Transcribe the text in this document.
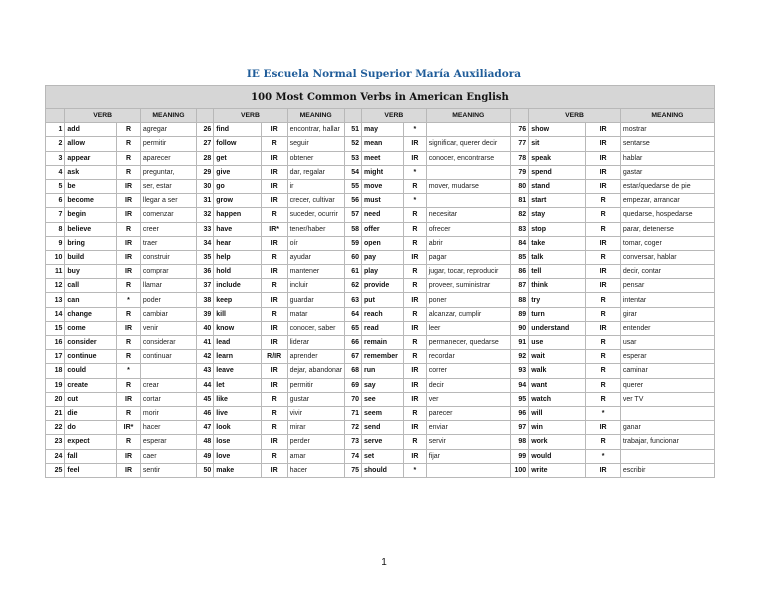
IE Escuela Normal Superior María Auxiliadora
100 Most Common Verbs in American English															
	VERB		MEANING		VERB		MEANING		VERB		MEANING		VERB		MEANING
1	add	R	agregar	26	find	IR	encontrar, hallar	51	may	*		76	show	IR	mostrar
2	allow	R	permitir	27	follow	R	seguir	52	mean	IR	significar, querer decir	77	sit	IR	sentarse
3	appear	R	aparecer	28	get	IR	obtener	53	meet	IR	conocer, encontrarse	78	speak	IR	hablar
4	ask	R	preguntar,	29	give	IR	dar, regalar	54	might	*		79	spend	IR	gastar
5	be	IR	ser, estar	30	go	IR	ir	55	move	R	mover, mudarse	80	stand	IR	estar/quedarse de pie
6	become	IR	llegar a ser	31	grow	IR	crecer, cultivar	56	must	*		81	start	R	empezar, arrancar
7	begin	IR	comenzar	32	happen	R	suceder, ocurrir	57	need	R	necesitar	82	stay	R	quedarse, hospedarse
8	believe	R	creer	33	have	IR*	tener/haber	58	offer	R	ofrecer	83	stop	R	parar, detenerse
9	bring	IR	traer	34	hear	IR	oír	59	open	R	abrir	84	take	IR	tomar, coger
10	build	IR	construir	35	help	R	ayudar	60	pay	IR	pagar	85	talk	R	conversar, hablar
11	buy	IR	comprar	36	hold	IR	mantener	61	play	R	jugar, tocar, reproducir	86	tell	IR	decir, contar
12	call	R	llamar	37	include	R	incluir	62	provide	R	proveer, suministrar	87	think	IR	pensar
13	can	*	poder	38	keep	IR	guardar	63	put	IR	poner	88	try	R	intentar
14	change	R	cambiar	39	kill	R	matar	64	reach	R	alcanzar, cumplir	89	turn	R	girar
15	come	IR	venir	40	know	IR	conocer, saber	65	read	IR	leer	90	understand	IR	entender
16	consider	R	considerar	41	lead	IR	liderar	66	remain	R	permanecer, quedarse	91	use	R	usar
17	continue	R	continuar	42	learn	R/IR	aprender	67	remember	R	recordar	92	wait	R	esperar
18	could	*		43	leave	IR	dejar, abandonar	68	run	IR	correr	93	walk	R	caminar
19	create	R	crear	44	let	IR	permitir	69	say	IR	decir	94	want	R	querer
20	cut	IR	cortar	45	like	R	gustar	70	see	IR	ver	95	watch	R	ver TV
21	die	R	morir	46	live	R	vivir	71	seem	R	parecer	96	will	*	
22	do	IR*	hacer	47	look	R	mirar	72	send	IR	enviar	97	win	IR	ganar
23	expect	R	esperar	48	lose	IR	perder	73	serve	R	servir	98	work	R	trabajar, funcionar
24	fall	IR	caer	49	love	R	amar	74	set	IR	fijar	99	would	*	
25	feel	IR	sentir	50	make	IR	hacer	75	should	*		100	write	IR	escribir
1
